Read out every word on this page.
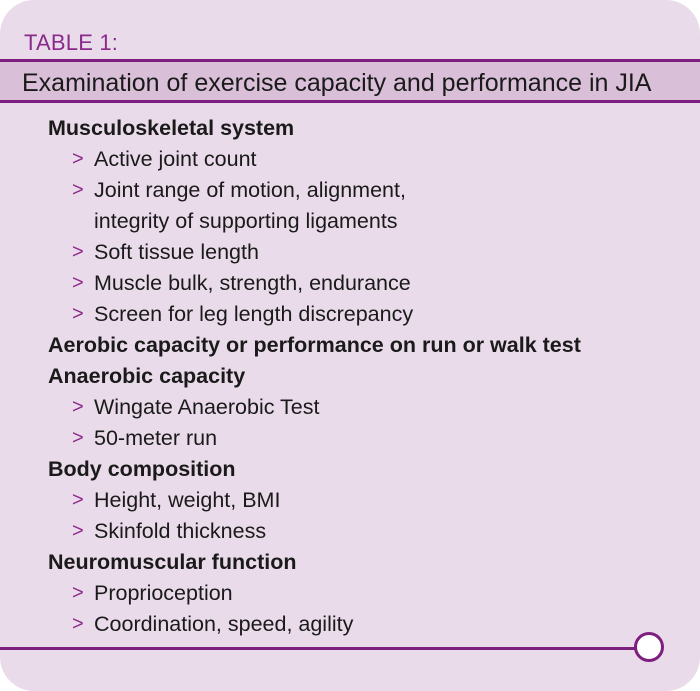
TABLE 1:
Examination of exercise capacity and performance in JIA
Musculoskeletal system
> Active joint count
> Joint range of motion, alignment,
integrity of supporting ligaments
> Soft tissue length
> Muscle bulk, strength, endurance
> Screen for leg length discrepancy
Aerobic capacity or performance on run or walk test
Anaerobic capacity
> Wingate Anaerobic Test
> 50-meter run
Body composition
> Height, weight, BMI
> Skinfold thickness
Neuromuscular function
> Proprioception
> Coordination, speed, agility
